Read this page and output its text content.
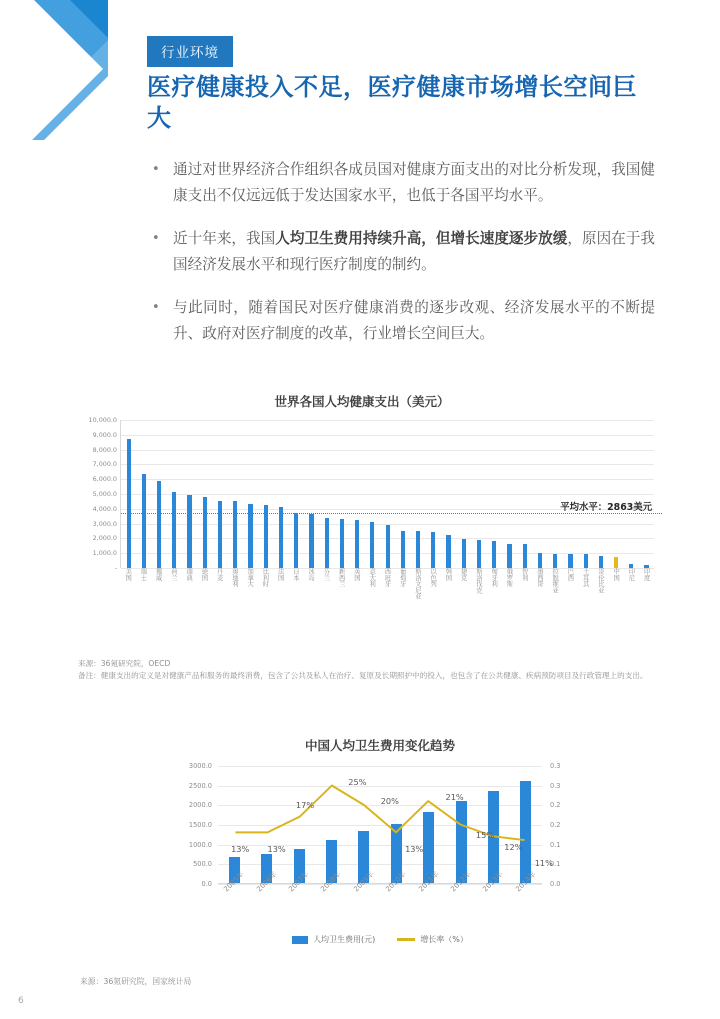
36Kr	行业环境
医疗健康投入不足，医疗健康市场增长空间巨大
• 通过对世界经济合作组织各成员国对健康方面支出的对比分析发现，我国健康支出不仅远远低于发达国家水平，也低于各国平均水平。
• 近十年来，我国人均卫生费用持续升高，但增长速度逐步放缓，原因在于我国经济发展水平和现行医疗制度的制约。
• 与此同时，随着国民对医疗健康消费的逐步改观、经济发展水平的不断提升、政府对医疗制度的改革，行业增长空间巨大。
世界各国人均健康支出（美元）
10,000.0
9,000.0
8,000.0
7,000.0
6,000.0
5,000.0
4,000.0
3,000.0
2,000.0
1,000.0
-
平均水平：2863美元
美国 瑞士 挪威 荷兰 瑞典 德国 丹麦 奥地利 加拿大 比利时 法国 日本 冰岛 芬兰 新西兰 英国 意大利 西班牙 葡萄牙 斯洛文尼亚 以色列 韩国 捷克 斯洛伐克 匈牙利 俄罗斯 智利 墨西哥 拉脱维亚 巴西 土耳其 哥伦比亚 中国 印尼 印度
来源：36氪研究院，OECD
备注：健康支出的定义是对健康产品和服务的最终消费，包含了公共及私人在治疗、复原及长期照护中的投入，也包含了在公共健康、疾病预防项目及行政管理上的支出。
中国人均卫生费用变化趋势
3000.0
2500.0
2000.0
1500.0
1000.0
500.0
0.0
0.3
0.3
0.2
0.2
0.1
0.1
0.0
13% 13%
17%
25%
20%
13%
21%
15%
12%
11%
2005年 2006年 2007年 2008年 2009年 2010年 2011年 2012年 2013年 2014年
人均卫生费用(元)	增长率（%）
来源：36氪研究院，国家统计局
6
